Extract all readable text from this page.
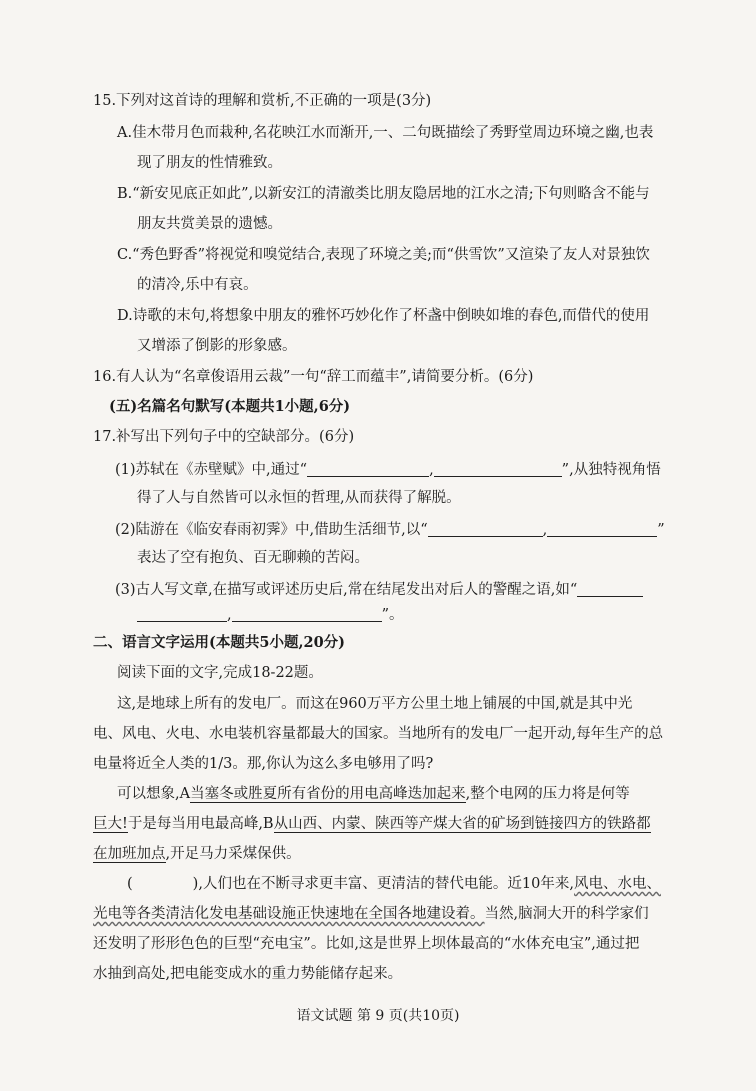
15.下列对这首诗的理解和赏析,不正确的一项是(3分)
A.佳木带月色而栽种,名花映江水而渐开,一、二句既描绘了秀野堂周边环境之幽,也表
现了朋友的性情雅致。
B.“新安见底正如此”,以新安江的清澈类比朋友隐居地的江水之清;下句则略含不能与
朋友共赏美景的遗憾。
C.“秀色野香”将视觉和嗅觉结合,表现了环境之美;而“供雪饮”又渲染了友人对景独饮
的清冷,乐中有哀。
D.诗歌的末句,将想象中朋友的雅怀巧妙化作了杯盏中倒映如堆的春色,而借代的使用
又增添了倒影的形象感。
16.有人认为“名章俊语用云裁”一句“辞工而蕴丰”,请简要分析。(6分)
(五)名篇名句默写(本题共1小题,6分)
17.补写出下列句子中的空缺部分。(6分)
(1)苏轼在《赤壁赋》中,通过“	,	”,从独特视角悟
得了人与自然皆可以永恒的哲理,从而获得了解脱。
(2)陆游在《临安春雨初霁》中,借助生活细节,以“	,	”
表达了空有抱负、百无聊赖的苦闷。
(3)古人写文章,在描写或评述历史后,常在结尾发出对后人的警醒之语,如“
,	”。
二、语言文字运用(本题共5小题,20分)
阅读下面的文字,完成18-22题。
这,是地球上所有的发电厂。而这在960万平方公里土地上铺展的中国,就是其中光
电、风电、火电、水电装机容量都最大的国家。当地所有的发电厂一起开动,每年生产的总
电量将近全人类的1/3。那,你认为这么多电够用了吗?
可以想象,A当塞冬或胜夏所有省份的用电高峰迭加起来,整个电网的压力将是何等
巨大!于是每当用电最高峰,B从山西、内蒙、陕西等产煤大省的矿场到链接四方的铁路都
在加班加点,开足马力采煤保供。
(	),人们也在不断寻求更丰富、更清洁的替代电能。近10年来,风电、水电、
光电等各类清洁化发电基础设施正快速地在全国各地建设着。当然,脑洞大开的科学家们
还发明了形形色色的巨型“充电宝”。比如,这是世界上坝体最高的“水体充电宝”,通过把
水抽到高处,把电能变成水的重力势能储存起来。
语文试题 第 9 页(共10页)
